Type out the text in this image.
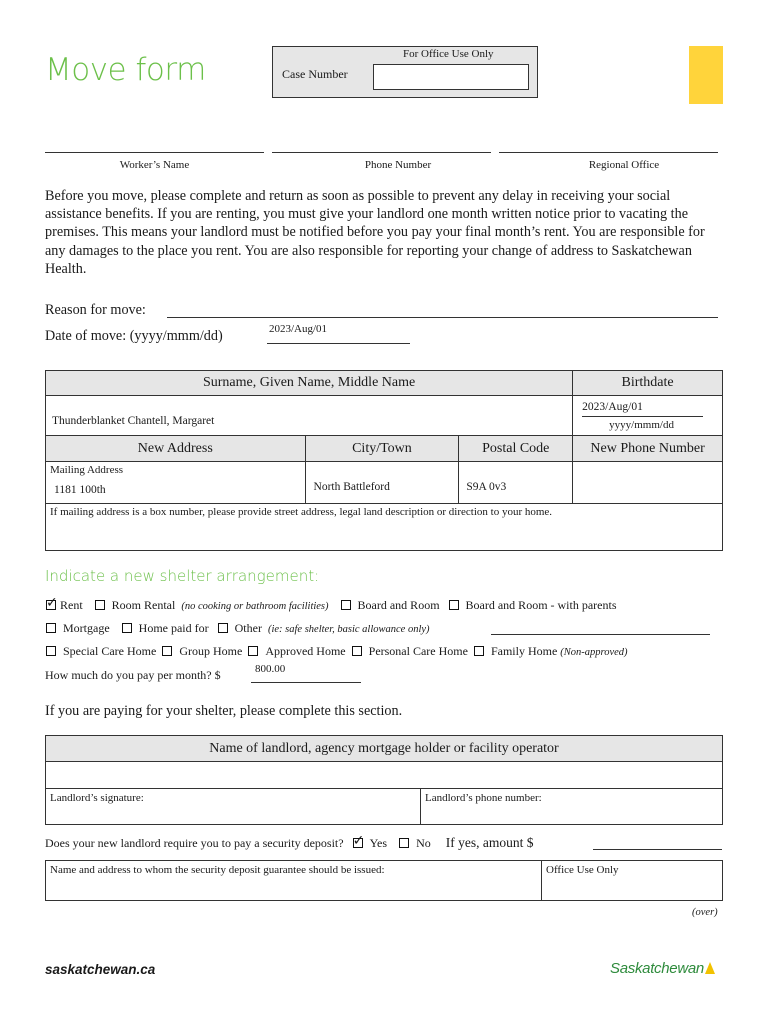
Move form	For Office Use Only
Case Number
Worker’s Name	Phone Number	Regional Office
Before you move, please complete and return as soon as possible to prevent any delay in receiving your social assistance benefits. If you are renting, you must give your landlord one month written notice prior to vacating the premises. This means your landlord must be notified before you pay your final month’s rent. You are responsible for any damages to the place you rent. You are also responsible for reporting your change of address to Saskatchewan Health.
Reason for move:
Date of move: (yyyy/mmm/dd)	2023/Aug/01
Surname, Given Name, Middle Name			Birthdate

Thunderblanket Chantell, Margaret			2023/Aug/01
yyyy/mmm/dd

New Address	City/Town	Postal Code	New Phone Number

Mailing Address
1181 100th	North Battleford	S9A 0v3	

If mailing address is a box number, please provide street address, legal land description or direction to your home.			
Indicate a new shelter arrangement:
✓Rent Room Rental (no cooking or bathroom facilities) Board and Room Board and Room - with parents
Mortgage Home paid for Other (ie: safe shelter, basic allowance only)
Special Care Home Group Home Approved Home Personal Care Home Family Home (Non-approved)
How much do you pay per month? $	800.00
If you are paying for your shelter, please complete this section.
Name of landlord, agency mortgage holder or facility operator

Landlord’s signature:	Landlord’s phone number:
Does your new landlord require you to pay a security deposit? ✓ Yes No If yes, amount $
Name and address to whom the security deposit guarantee should be issued:	Office Use Only
(over)
saskatchewan.ca	Saskatchewan
